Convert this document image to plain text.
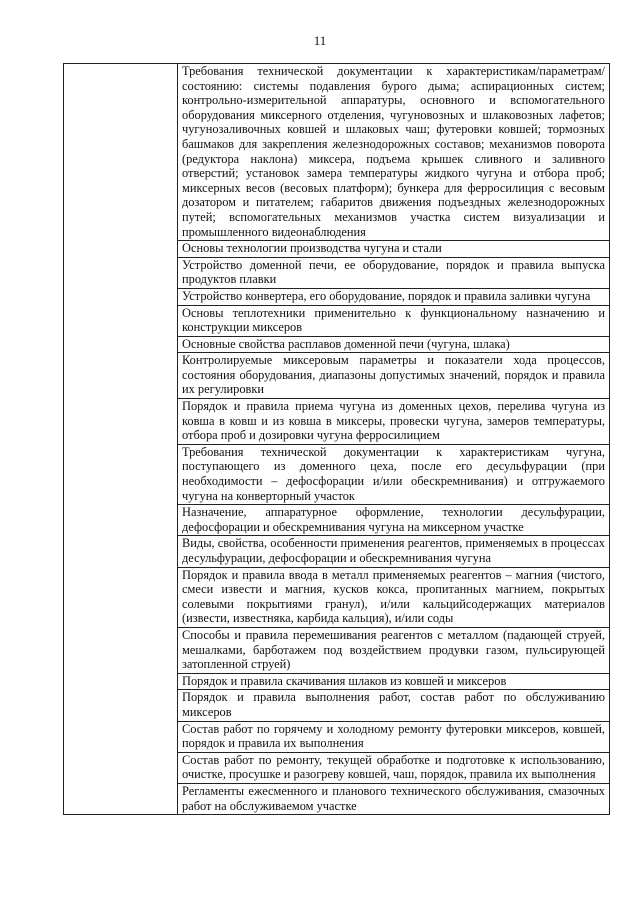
11
	Требования технической документации к характеристикам/параметрам/состоянию: системы подавления бурого дыма; аспирационных систем; контрольно-измерительной аппаратуры, основного и вспомогательного оборудования миксерного отделения, чугуновозных и шлаковозных лафетов; чугунозаливочных ковшей и шлаковых чаш; футеровки ковшей; тормозных башмаков для закрепления железнодорожных составов; механизмов поворота (редуктора наклона) миксера, подъема крышек сливного и заливного отверстий; установок замера температуры жидкого чугуна и отбора проб; миксерных весов (весовых платформ); бункера для ферросилиция с весовым дозатором и питателем; габаритов движения подъездных железнодорожных путей; вспомогательных механизмов участка систем визуализации и промышленного видеонаблюдения
Основы технологии производства чугуна и стали
Устройство доменной печи, ее оборудование, порядок и правила выпуска продуктов плавки
Устройство конвертера, его оборудование, порядок и правила заливки чугуна
Основы теплотехники применительно к функциональному назначению и конструкции миксеров
Основные свойства расплавов доменной печи (чугуна, шлака)
Контролируемые миксеровым параметры и показатели хода процессов, состояния оборудования, диапазоны допустимых значений, порядок и правила их регулировки
Порядок и правила приема чугуна из доменных цехов, перелива чугуна из ковша в ковш и из ковша в миксеры, провески чугуна, замеров температуры, отбора проб и дозировки чугуна ферросилицием
Требования технической документации к характеристикам чугуна, поступающего из доменного цеха, после его десульфурации (при необходимости – дефосфорации и/или обескремнивания) и отгружаемого чугуна на конверторный участок
Назначение, аппаратурное оформление, технологии десульфурации, дефосфорации и обескремнивания чугуна на миксерном участке
Виды, свойства, особенности применения реагентов, применяемых в процессах десульфурации, дефосфорации и обескремнивания чугуна
Порядок и правила ввода в металл применяемых реагентов – магния (чистого, смеси извести и магния, кусков кокса, пропитанных магнием, покрытых солевыми покрытиями гранул), и/или кальцийсодержащих материалов (извести, известняка, карбида кальция), и/или соды
Способы и правила перемешивания реагентов с металлом (падающей струей, мешалками, барботажем под воздействием продувки газом, пульсирующей затопленной струей)
Порядок и правила скачивания шлаков из ковшей и миксеров
Порядок и правила выполнения работ, состав работ по обслуживанию миксеров
Состав работ по горячему и холодному ремонту футеровки миксеров, ковшей, порядок и правила их выполнения
Состав работ по ремонту, текущей обработке и подготовке к использованию, очистке, просушке и разогреву ковшей, чаш, порядок, правила их выполнения
Регламенты ежесменного и планового технического обслуживания, смазочных работ на обслуживаемом участке
